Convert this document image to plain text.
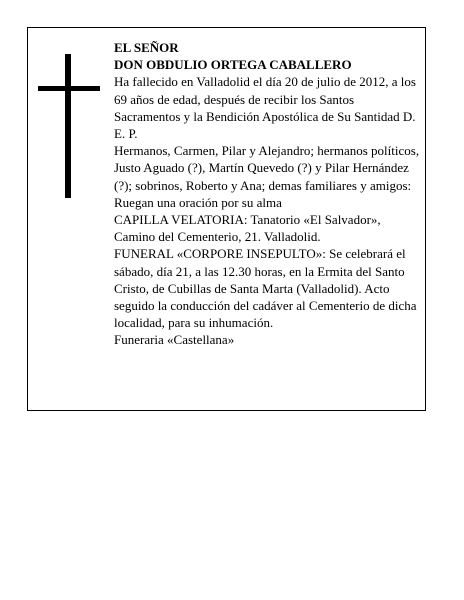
EL SEÑOR

DON OBDULIO ORTEGA CABALLERO

Ha fallecido en Valladolid el día 20 de julio de 2012, a los 69 años de edad, después de recibir los Santos Sacramentos y la Bendición Apostólica de Su Santidad D. E. P.

Hermanos, Carmen, Pilar y Alejandro; hermanos políticos, Justo Aguado (?), Martín Quevedo (?) y Pilar Hernández (?); sobrinos, Roberto y Ana; demas familiares y amigos:

Ruegan una oración por su alma

CAPILLA VELATORIA: Tanatorio «El Salvador», Camino del Cementerio, 21. Valladolid.

FUNERAL «CORPORE INSEPULTO»: Se celebrará el sábado, día 21, a las 12.30 horas, en la Ermita del Santo Cristo, de Cubillas de Santa Marta (Valladolid). Acto seguido la conducción del cadáver al Cementerio de dicha localidad, para su inhumación.

Funeraria «Castellana»
